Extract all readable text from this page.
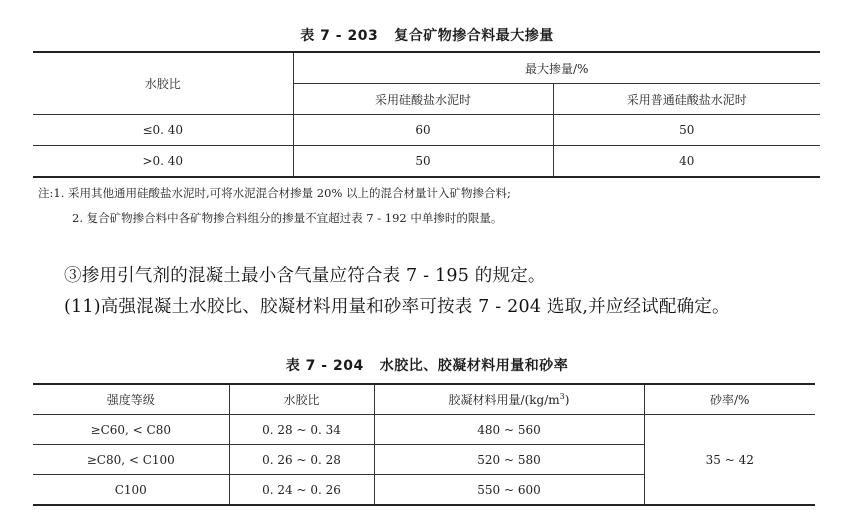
表 7 - 203 复合矿物掺合料最大掺量
水胶比	最大掺量/%	
	采用硅酸盐水泥时	采用普通硅酸盐水泥时
≤0. 40	60	50
>0. 40	50	40
注:1. 采用其他通用硅酸盐水泥时,可将水泥混合材掺量 20% 以上的混合材量计入矿物掺合料;
2. 复合矿物掺合料中各矿物掺合料组分的掺量不宜超过表 7 - 192 中单掺时的限量。
③掺用引气剂的混凝土最小含气量应符合表 7 - 195 的规定。
(11)高强混凝土水胶比、胶凝材料用量和砂率可按表 7 - 204 选取,并应经试配确定。
表 7 - 204 水胶比、胶凝材料用量和砂率
强度等级	水胶比	胶凝材料用量$/(kg/m^3)$	砂率/%
≥C60, < C80	0. 28 ~ 0. 34	480 ~ 560	35 ~ 42
≥C80, < C100	0. 26 ~ 0. 28	520 ~ 580	
C100	0. 24 ~ 0. 26	550 ~ 600	
